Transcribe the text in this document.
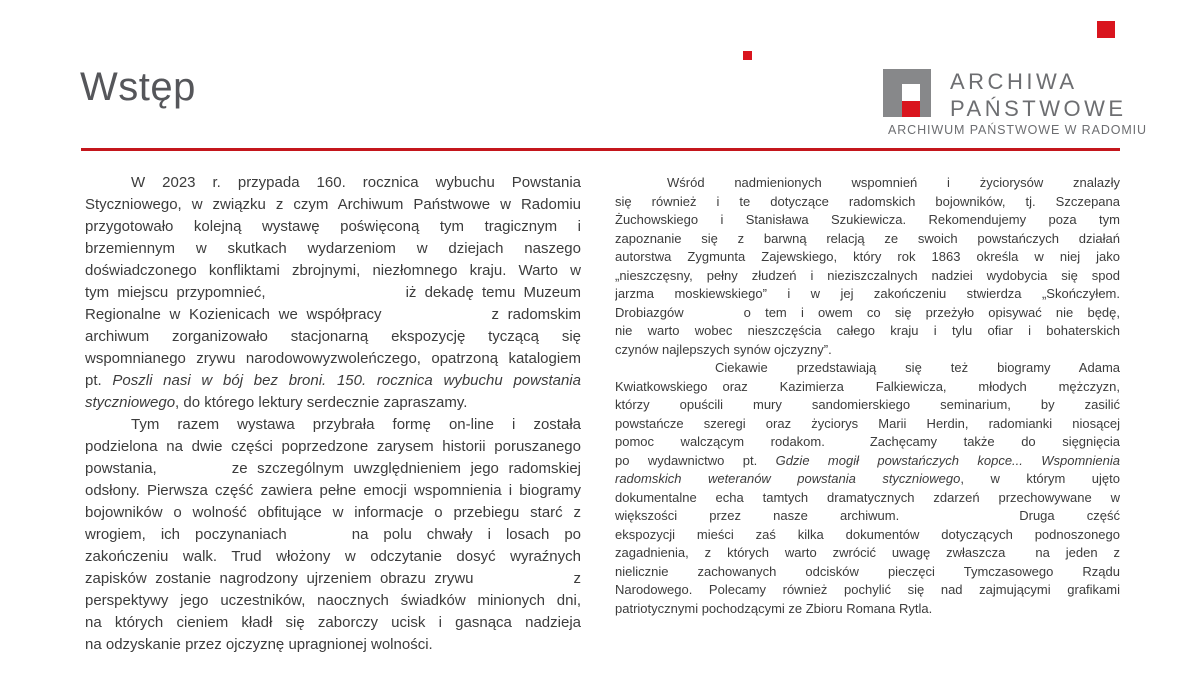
Wstęp	ARCHIWA
PAŃSTWOWE
ARCHIWUM PAŃSTWOWE W RADOMIU
W 2023 r. przypada 160. rocznica wybuchu Powstania
Styczniowego, w związku z czym Archiwum Państwowe w Radomiu
przygotowało kolejną wystawę poświęconą tym tragicznym i
brzemiennym w skutkach wydarzeniom w dziejach naszego
doświadczonego konfliktami zbrojnymi, niezłomnego kraju. Warto w
tym miejscu przypomnieć,	iż dekadę temu Muzeum
Regionalne w Kozienicach we współpracy	z radomskim
archiwum zorganizowało stacjonarną ekspozycję tyczącą się
wspomnianego zrywu narodowowyzwoleńczego, opatrzoną katalogiem
pt. Poszli nasi w bój bez broni. 150. rocznica wybuchu powstania
styczniowego, do którego lektury serdecznie zapraszamy.
Tym razem wystawa przybrała formę on-line i została
podzielona na dwie części poprzedzone zarysem historii poruszanego
powstania,	ze szczególnym uwzględnieniem jego radomskiej
odsłony. Pierwsza część zawiera pełne emocji wspomnienia i biogramy
bojowników o wolność obfitujące w informacje o przebiegu starć z
wrogiem, ich poczynaniach	na polu chwały i losach po
zakończeniu walk. Trud włożony w odczytanie dosyć wyraźnych
zapisków zostanie nagrodzony ujrzeniem obrazu zrywu	z
perspektywy jego uczestników, naocznych świadków minionych dni,
na których cieniem kładł się zaborczy ucisk i gasnąca nadzieja
na odzyskanie przez ojczyznę upragnionej wolności.
Wśród nadmienionych wspomnień i życiorysów znalazły
się również i te dotyczące radomskich bojowników, tj. Szczepana
Żuchowskiego i Stanisława Szukiewicza. Rekomendujemy poza tym
zapoznanie się z barwną relacją ze swoich powstańczych działań
autorstwa Zygmunta Zajewskiego, który rok 1863 określa w niej jako
„nieszczęsny, pełny złudzeń i nieziszczalnych nadziei wydobycia się spod
jarzma moskiewskiego” i w jej zakończeniu stwierdza „Skończyłem.
Drobiazgów	o tem i owem co się przeżyło opisywać nie będę,
nie warto wobec nieszczęścia całego kraju i tylu ofiar i bohaterskich
czynów najlepszych synów ojczyzny”.
Ciekawie przedstawiają się też biogramy Adama
Kwiatkowskiego oraz Kazimierza Falkiewicza, młodych mężczyzn,
którzy opuścili mury sandomierskiego seminarium, by zasilić
powstańcze szeregi oraz życiorys Marii Herdin, radomianki niosącej
pomoc walczącym rodakom.	Zachęcamy także do sięgnięcia
po wydawnictwo pt. Gdzie mogił powstańczych kopce... Wspomnienia
radomskich weteranów powstania styczniowego, w którym ujęto
dokumentalne echa tamtych dramatycznych zdarzeń przechowywane w
większości przez nasze archiwum.	Druga część
ekspozycji mieści zaś kilka dokumentów dotyczących podnoszonego
zagadnienia, z których warto zwrócić uwagę zwłaszcza na jeden z
nielicznie zachowanych odcisków pieczęci Tymczasowego Rządu
Narodowego. Polecamy również pochylić się nad zajmującymi grafikami
patriotycznymi pochodzącymi ze Zbioru Romana Rytla.
